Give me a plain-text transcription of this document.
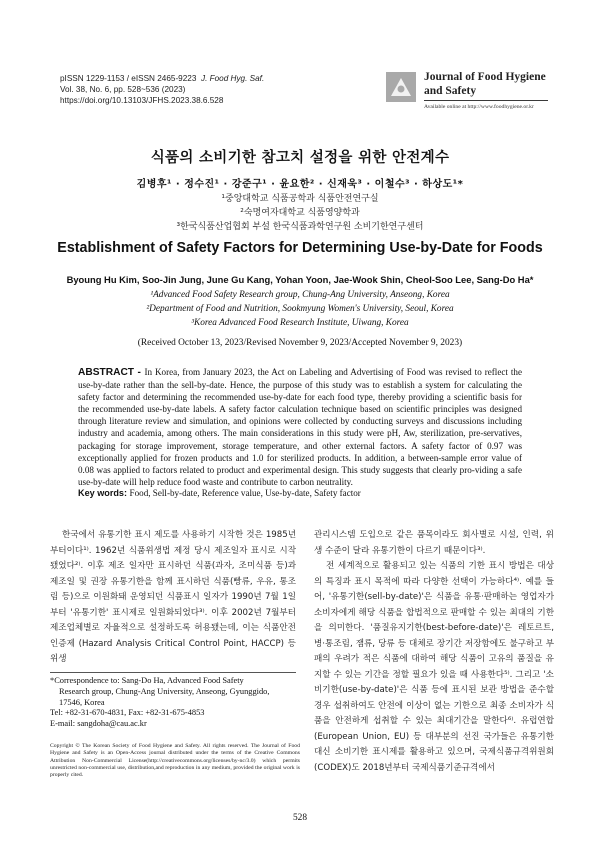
pISSN 1229-1153 / eISSN 2465-9223 J. Food Hyg. Saf.
Vol. 38, No. 6, pp. 528~536 (2023)
https://doi.org/10.13103/JFHS.2023.38.6.528
Journal of Food Hygiene
and Safety
Available online at http://www.foodhygiene.or.kr
식품의 소비기한 참고치 설정을 위한 안전계수
김병후¹ · 정수진¹ · 강준구¹ · 윤요한² · 신재욱³ · 이철수³ · 하상도¹*
¹중앙대학교 식품공학과 식품안전연구실
²숙명여자대학교 식품영양학과
³한국식품산업협회 부설 한국식품과학연구원 소비기한연구센터
Establishment of Safety Factors for Determining Use-by-Date for Foods
Byoung Hu Kim, Soo-Jin Jung, June Gu Kang, Yohan Yoon, Jae-Wook Shin, Cheol-Soo Lee, Sang-Do Ha*
¹Advanced Food Safety Research group, Chung-Ang University, Anseong, Korea
²Department of Food and Nutrition, Sookmyung Women's University, Seoul, Korea
³Korea Advanced Food Research Institute, Uiwang, Korea
(Received October 13, 2023/Revised November 9, 2023/Accepted November 9, 2023)
ABSTRACT - In Korea, from January 2023, the Act on Labeling and Advertising of Food was revised to reflect the use-by-date rather than the sell-by-date. Hence, the purpose of this study was to establish a system for calculating the safety factor and determining the recommended use-by-date for each food type, thereby providing a scientific basis for the recommended use-by-date labels. A safety factor calculation technique based on scientific principles was designed through literature review and simulation, and opinions were collected by conducting surveys and discussions including industry and academia, among others. The main considerations in this study were pH, Aw, sterilization, pre-servatives, packaging for storage improvement, storage temperature, and other external factors. A safety factor of 0.97 was exceptionally applied for frozen products and 1.0 for sterilized products. In addition, a between-sample error value of 0.08 was applied to factors related to product and experimental design. This study suggests that clearly pro-viding a safe use-by-date will help reduce food waste and contribute to carbon neutrality.
Key words: Food, Sell-by-date, Reference value, Use-by-date, Safety factor

한국에서 유통기한 표시 제도를 사용하기 시작한 것은 1985년부터이다¹⁾. 1962년 식품위생법 제정 당시 제조일자 표시로 시작됐었다²⁾. 이후 제조 일자만 표시하던 식품(과자, 조미식품 등)과 제조일 및 권장 유통기한을 함께 표시하던 식품(빵류, 우유, 통조림 등)으로 이원화돼 운영되던 식품표시 일자가 1990년 7월 1일부터 '유통기한' 표시제로 일원화되었다³⁾. 이후 2002년 7월부터 제조업체별로 자율적으로 설정하도록 허용됐는데, 이는 식품안전인증제 (Hazard Analysis Critical Control Point, HACCP) 등 위생

*Correspondence to: Sang-Do Ha, Advanced Food Safety
Research group, Chung-Ang University, Anseong, Gyunggido,
17546, Korea
Tel: +82-31-670-4831, Fax: +82-31-675-4853
E-mail: sangdoha@cau.ac.kr
Copyright © The Korean Society of Food Hygiene and Safety. All rights reserved. The Journal of Food Hygiene and Safety is an Open-Access journal distributed under the terms of the Creative Commons Attribution Non-Commercial License(http://creativecommons.org/licenses/by-nc/3.0) which permits unrestricted non-commercial use, distribution,and reproduction in any medium, provided the original work is properly cited.

관리시스템 도입으로 같은 품목이라도 회사별로 시설, 인력, 위생 수준이 달라 유통기한이 다르기 때문이다³⁾.

전 세계적으로 활용되고 있는 식품의 기한 표시 방법은 대상의 특징과 표시 목적에 따라 다양한 선택이 가능하다⁴⁾. 예를 들어, '유통기한(sell-by-date)'은 식품을 유통·판매하는 영업자가 소비자에게 해당 식품을 합법적으로 판매할 수 있는 최대의 기한을 의미한다. '품질유지기한(best-before-date)'은 레토르트, 병·통조림, 잼류, 당류 등 대체로 장기간 저장함에도 불구하고 부패의 우려가 적은 식품에 대하여 해당 식품이 고유의 품질을 유지할 수 있는 기간을 정할 필요가 있을 때 사용한다⁵⁾. 그리고 '소비기한(use-by-date)'은 식품 등에 표시된 보관 방법을 준수할 경우 섭취하여도 안전에 이상이 없는 기한으로 최종 소비자가 식품을 안전하게 섭취할 수 있는 최대기간을 말한다⁶⁾. 유럽연합(European Union, EU) 등 대부분의 선진 국가들은 유통기한 대신 소비기한 표시제를 활용하고 있으며, 국제식품규격위원회(CODEX)도 2018년부터 국제식품기준규격에서

528
